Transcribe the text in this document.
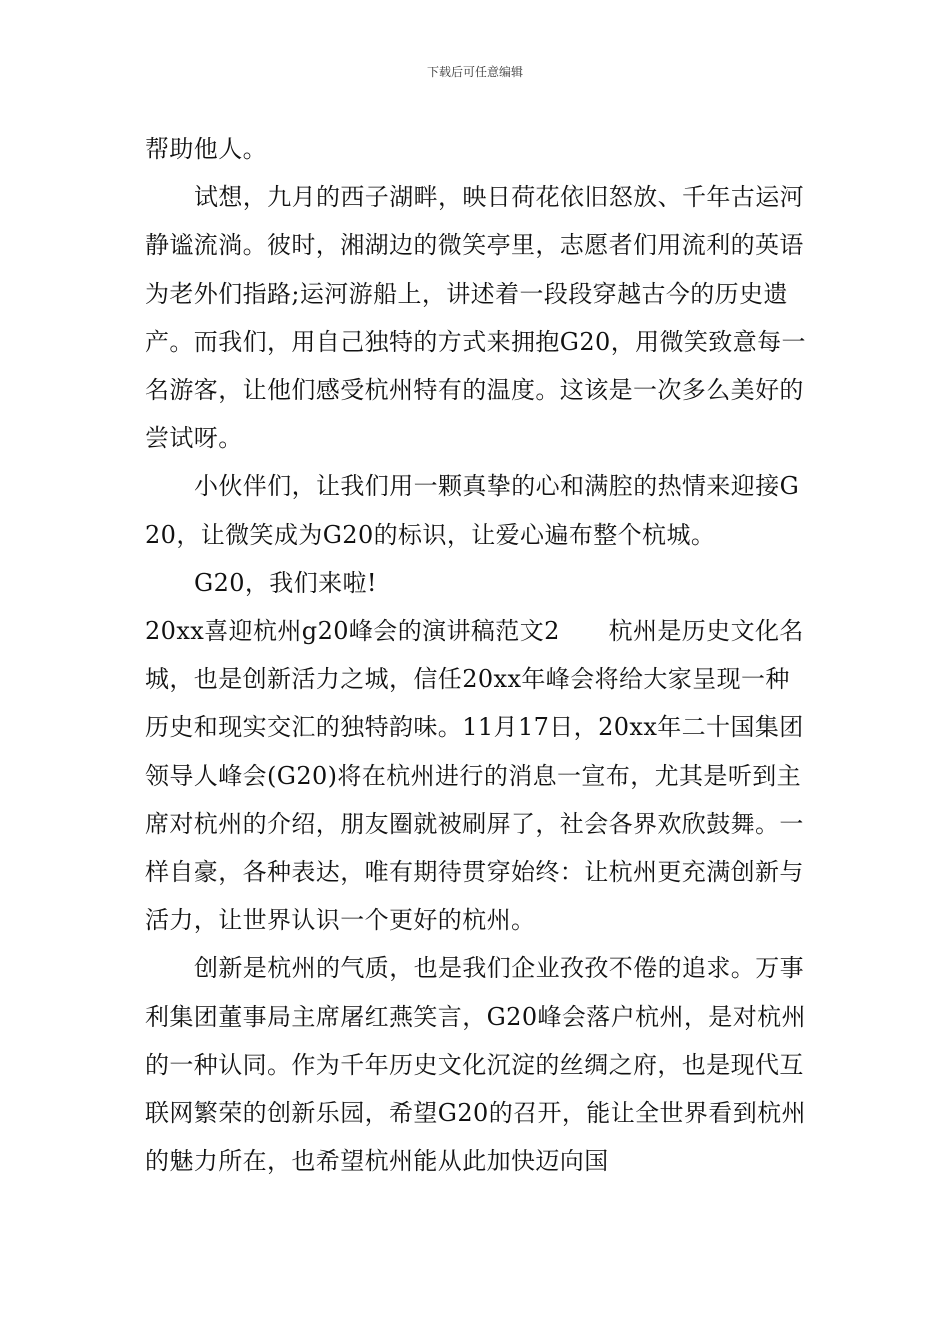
下载后可任意编辑

帮助他人。

试想，九月的西子湖畔，映日荷花依旧怒放、千年古运河静谧流淌。彼时，湘湖边的微笑亭里，志愿者们用流利的英语为老外们指路;运河游船上，讲述着一段段穿越古今的历史遗产。而我们，用自己独特的方式来拥抱G20，用微笑致意每一名游客，让他们感受杭州特有的温度。这该是一次多么美好的尝试呀。

小伙伴们，让我们用一颗真挚的心和满腔的热情来迎接G20，让微笑成为G20的标识，让爱心遍布整个杭城。

G20，我们来啦!

20xx喜迎杭州g20峰会的演讲稿范文2　　杭州是历史文化名城，也是创新活力之城，信任20xx年峰会将给大家呈现一种历史和现实交汇的独特韵味。11月17日，20xx年二十国集团领导人峰会(G20)将在杭州进行的消息一宣布，尤其是听到主席对杭州的介绍，朋友圈就被刷屏了，社会各界欢欣鼓舞。一样自豪，各种表达，唯有期待贯穿始终：让杭州更充满创新与活力，让世界认识一个更好的杭州。

创新是杭州的气质，也是我们企业孜孜不倦的追求。万事利集团董事局主席屠红燕笑言，G20峰会落户杭州，是对杭州的一种认同。作为千年历史文化沉淀的丝绸之府，也是现代互联网繁荣的创新乐园，希望G20的召开，能让全世界看到杭州的魅力所在，也希望杭州能从此加快迈向国
